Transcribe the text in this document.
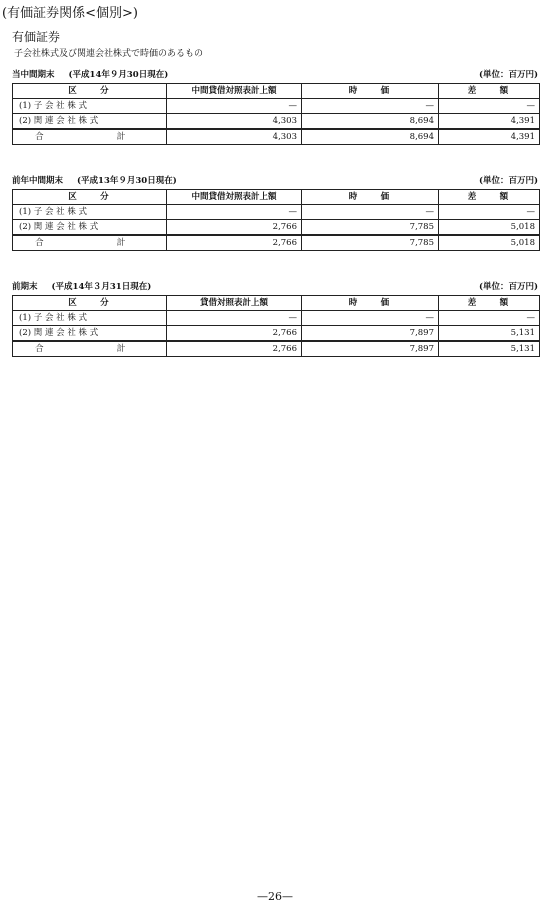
(有価証券関係<個別>)
有価証券
子会社株式及び関連会社株式で時価のあるもの
当中間期末 (平成14年９月30日現在)	(単位：百万円)
区　　分	中間貸借対照表計上額	時　　価	差　　額
(1) 子 会 社 株 式	—	—	—
(2) 関 連 会 社 株 式	4,303	8,694	4,391
合　　計	4,303	8,694	4,391
前年中間期末 (平成13年９月30日現在)	(単位：百万円)
区　　分	中間貸借対照表計上額	時　　価	差　　額
(1) 子 会 社 株 式	—	—	—
(2) 関 連 会 社 株 式	2,766	7,785	5,018
合　　計	2,766	7,785	5,018
前期末 (平成14年３月31日現在)	(単位：百万円)
区　　分	貸借対照表計上額	時　　価	差　　額
(1) 子 会 社 株 式	—	—	—
(2) 関 連 会 社 株 式	2,766	7,897	5,131
合　　計	2,766	7,897	5,131
—26—
